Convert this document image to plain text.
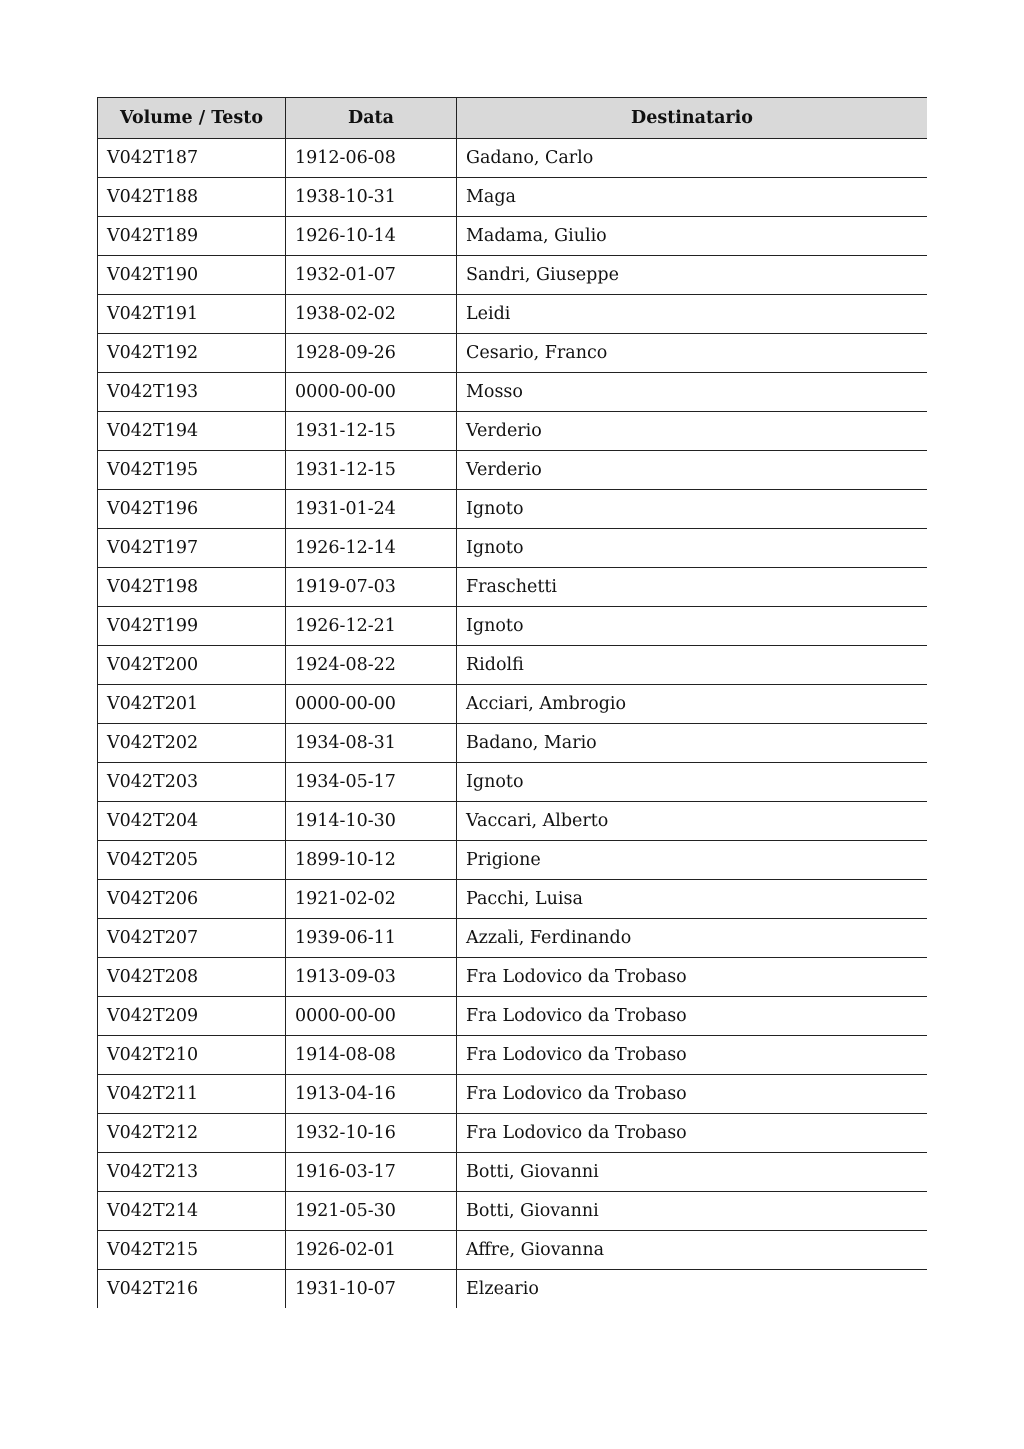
Volume / Testo	Data	Destinatario
V042T187	1912-06-08	Gadano, Carlo
V042T188	1938-10-31	Maga
V042T189	1926-10-14	Madama, Giulio
V042T190	1932-01-07	Sandri, Giuseppe
V042T191	1938-02-02	Leidi
V042T192	1928-09-26	Cesario, Franco
V042T193	0000-00-00	Mosso
V042T194	1931-12-15	Verderio
V042T195	1931-12-15	Verderio
V042T196	1931-01-24	Ignoto
V042T197	1926-12-14	Ignoto
V042T198	1919-07-03	Fraschetti
V042T199	1926-12-21	Ignoto
V042T200	1924-08-22	Ridolfi
V042T201	0000-00-00	Acciari, Ambrogio
V042T202	1934-08-31	Badano, Mario
V042T203	1934-05-17	Ignoto
V042T204	1914-10-30	Vaccari, Alberto
V042T205	1899-10-12	Prigione
V042T206	1921-02-02	Pacchi, Luisa
V042T207	1939-06-11	Azzali, Ferdinando
V042T208	1913-09-03	Fra Lodovico da Trobaso
V042T209	0000-00-00	Fra Lodovico da Trobaso
V042T210	1914-08-08	Fra Lodovico da Trobaso
V042T211	1913-04-16	Fra Lodovico da Trobaso
V042T212	1932-10-16	Fra Lodovico da Trobaso
V042T213	1916-03-17	Botti, Giovanni
V042T214	1921-05-30	Botti, Giovanni
V042T215	1926-02-01	Affre, Giovanna
V042T216	1931-10-07	Elzeario
